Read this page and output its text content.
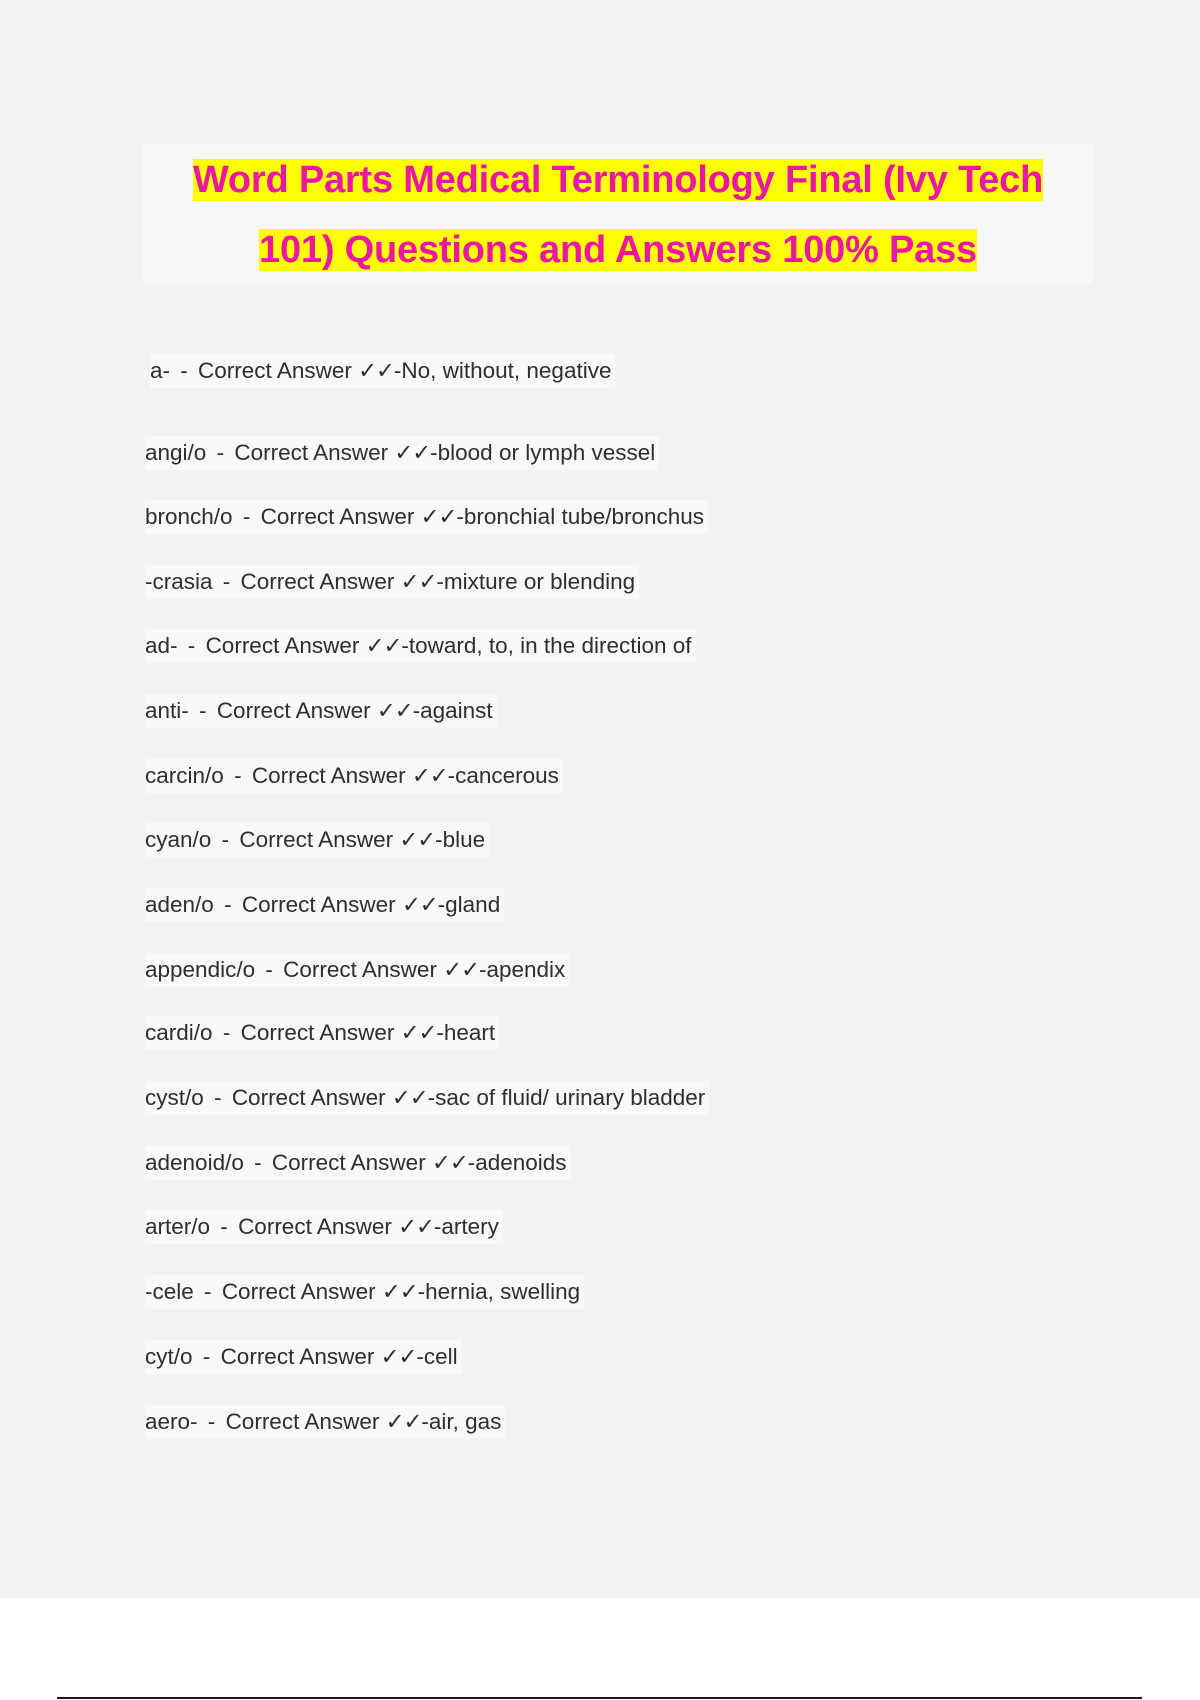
Word Parts Medical Terminology Final (Ivy Tech
101) Questions and Answers 100% Pass
a- - Correct Answer ✓✓-No, without, negative
angi/o - Correct Answer ✓✓-blood or lymph vessel
bronch/o - Correct Answer ✓✓-bronchial tube/bronchus
-crasia - Correct Answer ✓✓-mixture or blending
ad- - Correct Answer ✓✓-toward, to, in the direction of
anti- - Correct Answer ✓✓-against
carcin/o - Correct Answer ✓✓-cancerous
cyan/o - Correct Answer ✓✓-blue
aden/o - Correct Answer ✓✓-gland
appendic/o - Correct Answer ✓✓-apendix
cardi/o - Correct Answer ✓✓-heart
cyst/o - Correct Answer ✓✓-sac of fluid/ urinary bladder
adenoid/o - Correct Answer ✓✓-adenoids
arter/o - Correct Answer ✓✓-artery
-cele - Correct Answer ✓✓-hernia, swelling
cyt/o - Correct Answer ✓✓-cell
aero- - Correct Answer ✓✓-air, gas
